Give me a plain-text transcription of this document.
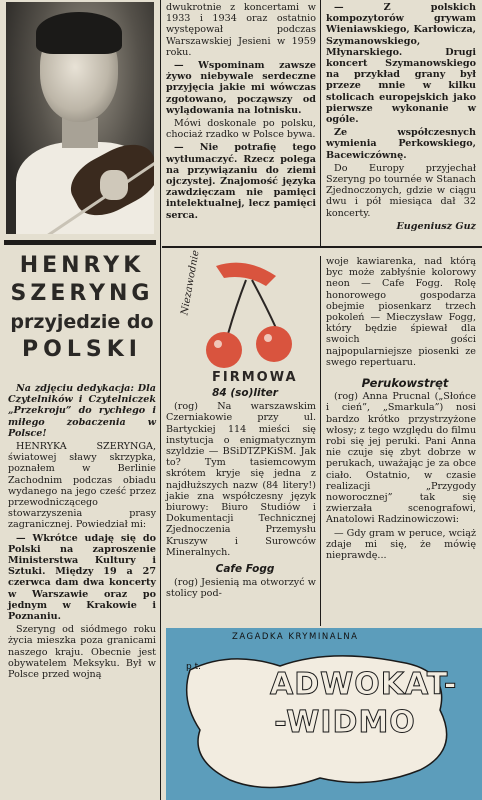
HENRYK
SZERYNG
przyjedzie do
POLSKI

Na zdjęciu dedykacja: Dla Czytelników i Czytelniczek „Przekroju” do rychłego i miłego zobaczenia w Polsce!

HENRYKA SZERYNGA, światowej sławy skrzypka, poznałem w Berlinie Zachodnim podczas obiadu wydanego na jego cześć przez przewodniczącego stowarzyszenia prasy zagranicznej. Powiedział mi:

— Wkrótce udaję się do Polski na zaproszenie Ministerstwa Kultury i Sztuki. Między 19 a 27 czerwca dam dwa koncerty w Warszawie oraz po jednym w Krakowie i Poznaniu.

Szeryng od siódmego roku życia mieszka poza granicami naszego kraju. Obecnie jest obywatelem Meksyku. Był w Polsce przed wojną

dwukrotnie z koncertami w 1933 i 1934 oraz ostatnio występował podczas Warszawskiej Jesieni w 1959 roku.

— Wspominam zawsze żywo niebywale serdeczne przyjęcia jakie mi wówczas zgotowano, począwszy od wylądowania na lotnisku.

Mówi doskonale po polsku, chociaż rzadko w Polsce bywa.

— Nie potrafię tego wytłumaczyć. Rzecz polega na przywiązaniu do ziemi ojczystej. Znajomość języka zawdzięczam nie pamięci intelektualnej, lecz pamięci serca.

— Z polskich kompozytorów grywam Wieniawskiego, Karłowicza, Szymanowskiego, Młynarskiego. Drugi koncert Szymanowskiego na przykład grany był przeze mnie w kilku stolicach europejskich jako pierwsze wykonanie w ogóle.

Ze współczesnych wymienia Perkowskiego, Bacewiczównę.

Do Europy przyjechał Szeryng po tournée w Stanach Zjednoczonych, gdzie w ciągu dwu i pół miesiąca dał 32 koncerty.

Eugeniusz Guz

Niezawodnie
FIRMOWA

84 (so)liter

(rog) Na warszawskim Czerniakowie przy ul. Bartyckiej 114 mieści się instytucja o enigmatycznym szyldzie — BSiDTZPKiSM. Jak to? Tym tasiemcowym skrótem kryje się jedna z najdłuższych nazw (84 litery!) jakie zna współczesny język biurowy: Biuro Studiów i Dokumentacji Technicznej Zjednoczenia Przemysłu Kruszyw i Surowców Mineralnych.

Cafe Fogg

(rog) Jesienią ma otworzyć w stolicy pod-

woje kawiarenka, nad którą byc może zabłyśnie kolorowy neon — Cafe Fogg. Rolę honorowego gospodarza obejmie piosenkarz trzech pokoleń — Mieczysław Fogg, który będzie śpiewał dla swoich gości najpopularniejsze piosenki ze swego repertuaru.

Perukowstręt

(rog) Anna Prucnal („Słońce i cień”, „Smarkula”) nosi bardzo krótko przystrzyżone włosy; z tego względu do filmu robi się jej peruki. Pani Anna nie czuje się zbyt dobrze w perukach, uważając je za obce ciało. Ostatnio, w czasie realizacji „Przygody noworocznej” tak się zwierzała scenografowi, Anatolowi Radzinowiczowi:

— Gdy gram w peruce, wciąż zdaje mi się, że mówię nieprawdę...

ZAGADKA KRYMINALNA
p.t. ADWOKAT-
-WIDMO
